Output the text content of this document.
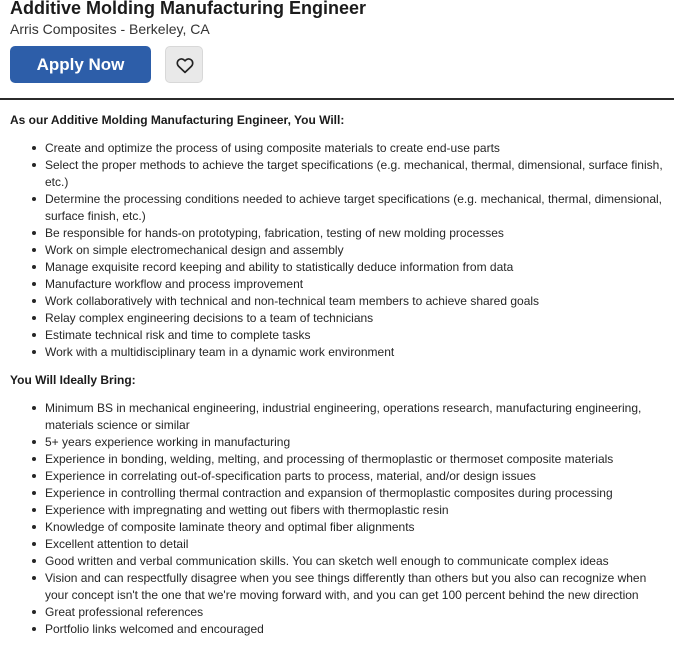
Additive Molding Manufacturing Engineer
Arris Composites - Berkeley, CA
Apply Now
As our Additive Molding Manufacturing Engineer, You Will:
Create and optimize the process of using composite materials to create end-use parts
Select the proper methods to achieve the target specifications (e.g. mechanical, thermal, dimensional, surface finish, etc.)
Determine the processing conditions needed to achieve target specifications (e.g. mechanical, thermal, dimensional, surface finish, etc.)
Be responsible for hands-on prototyping, fabrication, testing of new molding processes
Work on simple electromechanical design and assembly
Manage exquisite record keeping and ability to statistically deduce information from data
Manufacture workflow and process improvement
Work collaboratively with technical and non-technical team members to achieve shared goals
Relay complex engineering decisions to a team of technicians
Estimate technical risk and time to complete tasks
Work with a multidisciplinary team in a dynamic work environment
You Will Ideally Bring:
Minimum BS in mechanical engineering, industrial engineering, operations research, manufacturing engineering, materials science or similar
5+ years experience working in manufacturing
Experience in bonding, welding, melting, and processing of thermoplastic or thermoset composite materials
Experience in correlating out-of-specification parts to process, material, and/or design issues
Experience in controlling thermal contraction and expansion of thermoplastic composites during processing
Experience with impregnating and wetting out fibers with thermoplastic resin
Knowledge of composite laminate theory and optimal fiber alignments
Excellent attention to detail
Good written and verbal communication skills. You can sketch well enough to communicate complex ideas
Vision and can respectfully disagree when you see things differently than others but you also can recognize when your concept isn't the one that we're moving forward with, and you can get 100 percent behind the new direction
Great professional references
Portfolio links welcomed and encouraged
